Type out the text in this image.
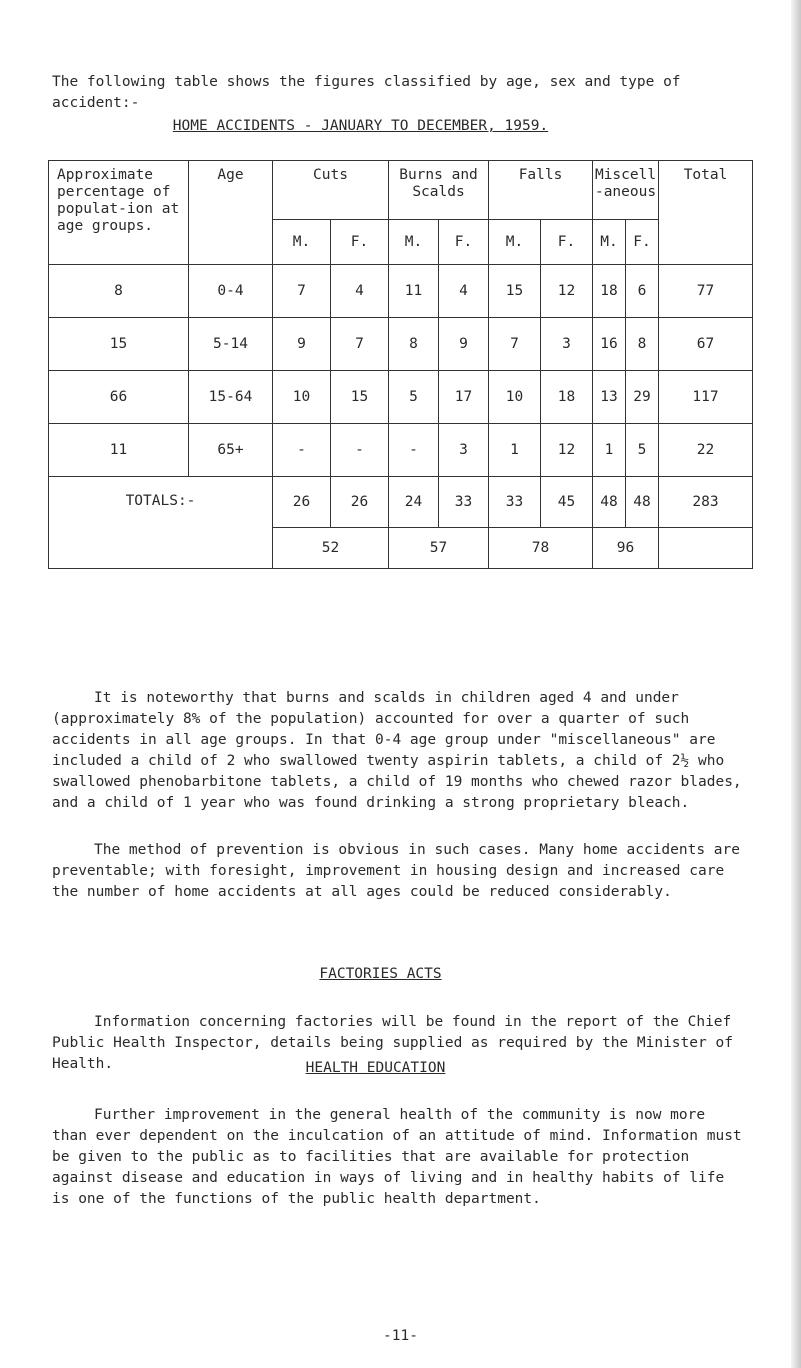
The following table shows the figures classified by age, sex and type of accident:-
HOME ACCIDENTS - JANUARY TO DECEMBER, 1959.
Approximate percentage of populat-ion at age groups.	Age	Cuts		Burns and Scalds		Falls		Miscell -aneous		Total
		M.	F.	M.	F.	M.	F.	M.	F.	
8	0-4	7	4	11	4	15	12	18	6	77
15	5-14	9	7	8	9	7	3	16	8	67
66	15-64	10	15	5	17	10	18	13	29	117
11	65+	-	-	-	3	1	12	1	5	22
TOTALS:-		26	26	24	33	33	45	48	48	283
		52		57		78		96		
It is noteworthy that burns and scalds in children aged 4 and under (approximately 8% of the population) accounted for over a quarter of such accidents in all age groups. In that 0-4 age group under "miscellaneous" are included a child of 2 who swallowed twenty aspirin tablets, a child of 2½ who swallowed phenobarbitone tablets, a child of 19 months who chewed razor blades, and a child of 1 year who was found drinking a strong proprietary bleach.
The method of prevention is obvious in such cases. Many home accidents are preventable; with foresight, improvement in housing design and increased care the number of home accidents at all ages could be reduced considerably.
FACTORIES ACTS
Information concerning factories will be found in the report of the Chief Public Health Inspector, details being supplied as required by the Minister of Health.	HEALTH EDUCATION
Further improvement in the general health of the community is now more than ever dependent on the inculcation of an attitude of mind. Information must be given to the public as to facilities that are available for protection against disease and education in ways of living and in healthy habits of life is one of the functions of the public health department.
-11-
